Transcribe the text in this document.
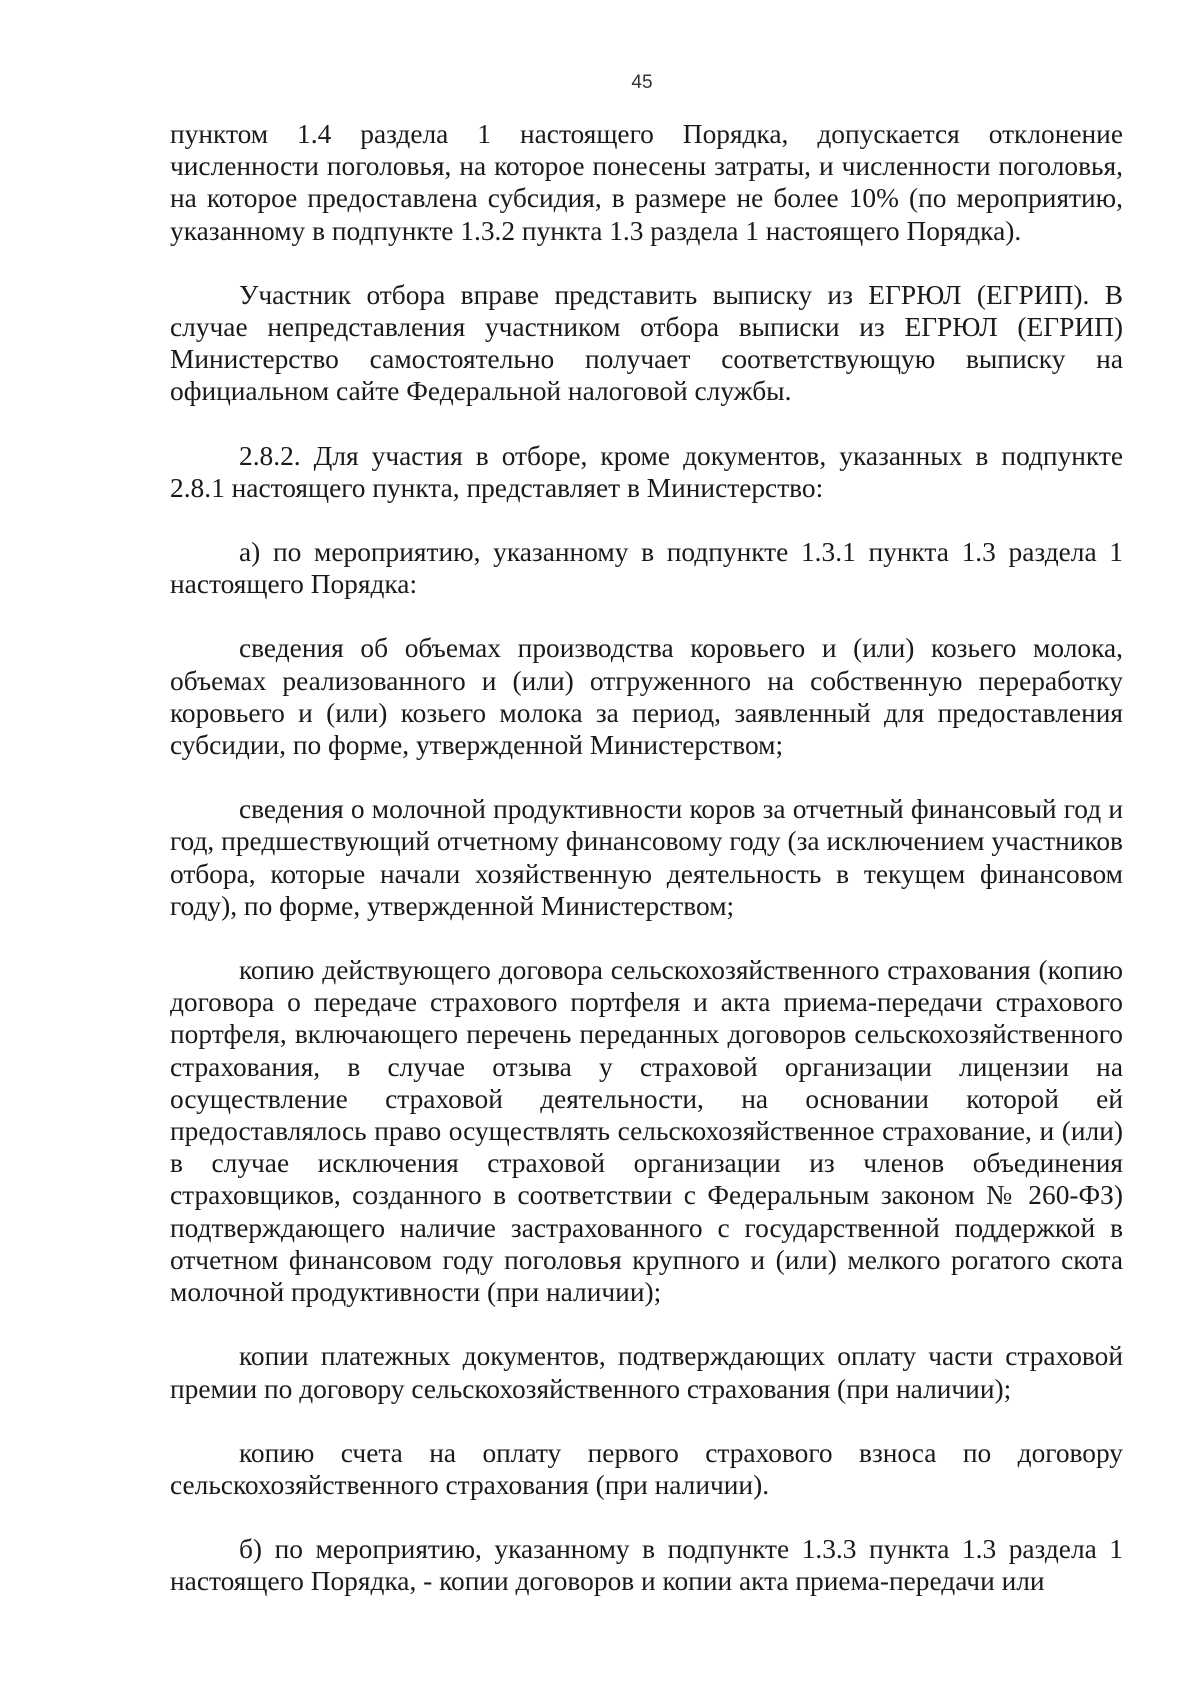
45

пунктом 1.4 раздела 1 настоящего Порядка, допускается отклонение численности поголовья, на которое понесены затраты, и численности поголовья, на которое предоставлена субсидия, в размере не более 10% (по мероприятию, указанному в подпункте 1.3.2 пункта 1.3 раздела 1 настоящего Порядка).

Участник отбора вправе представить выписку из ЕГРЮЛ (ЕГРИП). В случае непредставления участником отбора выписки из ЕГРЮЛ (ЕГРИП) Министерство самостоятельно получает соответствующую выписку на официальном сайте Федеральной налоговой службы.

2.8.2. Для участия в отборе, кроме документов, указанных в подпункте 2.8.1 настоящего пункта, представляет в Министерство:

а) по мероприятию, указанному в подпункте 1.3.1 пункта 1.3 раздела 1 настоящего Порядка:

сведения об объемах производства коровьего и (или) козьего молока, объемах реализованного и (или) отгруженного на собственную переработку коровьего и (или) козьего молока за период, заявленный для предоставления субсидии, по форме, утвержденной Министерством;

сведения о молочной продуктивности коров за отчетный финансовый год и год, предшествующий отчетному финансовому году (за исключением участников отбора, которые начали хозяйственную деятельность в текущем финансовом году), по форме, утвержденной Министерством;

копию действующего договора сельскохозяйственного страхования (копию договора о передаче страхового портфеля и акта приема-передачи страхового портфеля, включающего перечень переданных договоров сельскохозяйственного страхования, в случае отзыва у страховой организации лицензии на осуществление страховой деятельности, на основании которой ей предоставлялось право осуществлять сельскохозяйственное страхование, и (или) в случае исключения страховой организации из членов объединения страховщиков, созданного в соответствии с Федеральным законом № 260-ФЗ) подтверждающего наличие застрахованного с государственной поддержкой в отчетном финансовом году поголовья крупного и (или) мелкого рогатого скота молочной продуктивности (при наличии);

копии платежных документов, подтверждающих оплату части страховой премии по договору сельскохозяйственного страхования (при наличии);

копию счета на оплату первого страхового взноса по договору сельскохозяйственного страхования (при наличии).

б) по мероприятию, указанному в подпункте 1.3.3 пункта 1.3 раздела 1 настоящего Порядка, - копии договоров и копии акта приема-передачи или
